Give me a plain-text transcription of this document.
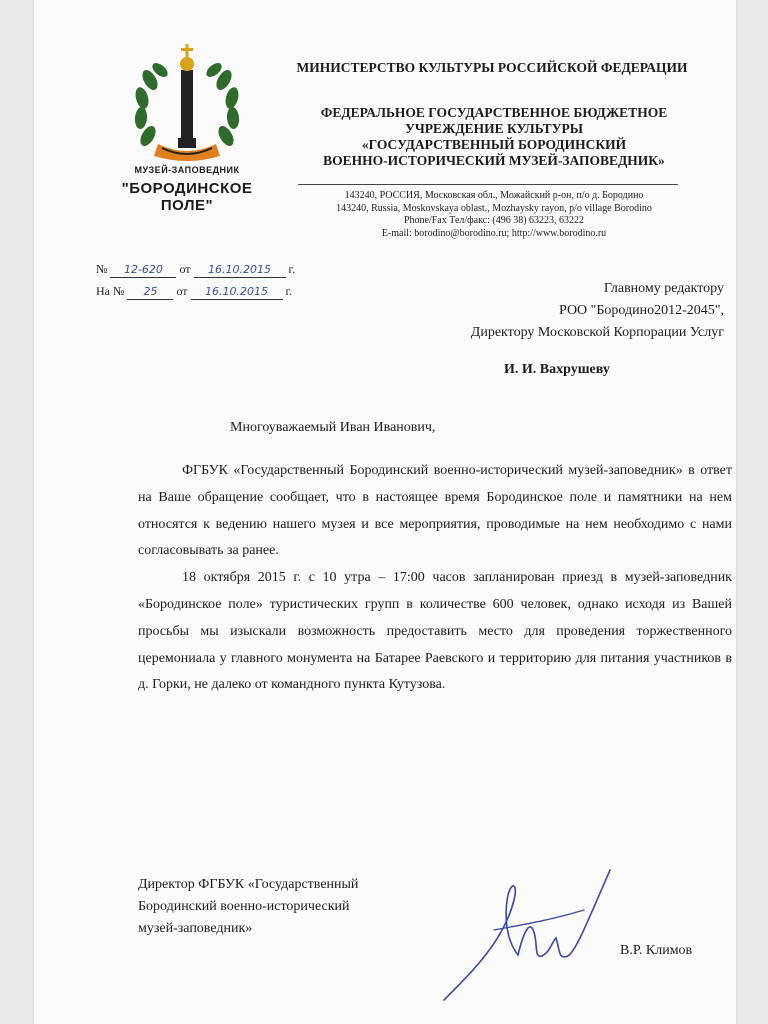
МУЗЕЙ-ЗАПОВЕДНИК
"БОРОДИНСКОЕ ПОЛЕ"
МИНИСТЕРСТВО КУЛЬТУРЫ РОССИЙСКОЙ ФЕДЕРАЦИИ
ФЕДЕРАЛЬНОЕ ГОСУДАРСТВЕННОЕ БЮДЖЕТНОЕ
УЧРЕЖДЕНИЕ КУЛЬТУРЫ
«ГОСУДАРСТВЕННЫЙ БОРОДИНСКИЙ
ВОЕННО-ИСТОРИЧЕСКИЙ МУЗЕЙ-ЗАПОВЕДНИК»
143240, РОССИЯ, Московская обл., Можайский р-он, п/о д. Бородино
143240, Russia, Moskovskaya oblast., Mozhaysky rayon, p/o village Borodino
Phone/Fax Тел/факс: (496 38) 63223, 63222
E-mail: borodino@borodino.ru; http://www.borodino.ru
№ 12-620 от 16.10.2015 г.
На № 25 от 16.10.2015 г.	Главному редактору
РОО "Бородино2012-2045",
Директору Московской Корпорации Услуг
И. И. Вахрушеву
Многоуважаемый Иван Иванович,

ФГБУК «Государственный Бородинский военно-исторический музей-заповедник» в ответ на Ваше обращение сообщает, что в настоящее время Бородинское поле и памятники на нем относятся к ведению нашего музея и все мероприятия, проводимые на нем необходимо с нами согласовывать за ранее.

18 октября 2015 г. с 10 утра – 17:00 часов запланирован приезд в музей-заповедник «Бородинское поле» туристических групп в количестве 600 человек, однако исходя из Вашей просьбы мы изыскали возможность предоставить место для проведения торжественного церемониала у главного монумента на Батарее Раевского и территорию для питания участников в д. Горки, не далеко от командного пункта Кутузова.

Директор ФГБУК «Государственный
Бородинский военно-исторический
музей-заповедник»
В.Р. Климов
